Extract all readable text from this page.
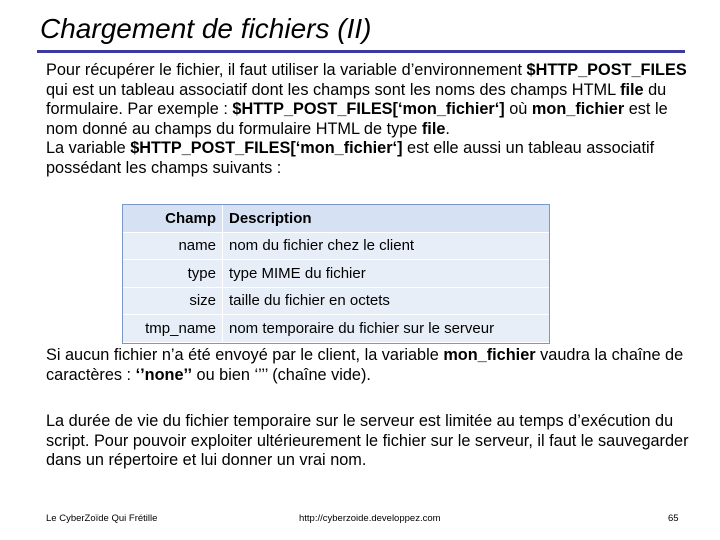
Chargement de fichiers (II)
Pour récupérer le fichier, il faut utiliser la variable d’environnement $HTTP_POST_FILES qui est un tableau associatif dont les champs sont les noms des champs HTML file du formulaire. Par exemple : $HTTP_POST_FILES[‘mon_fichier‘] où mon_fichier est le nom donné au champs du formulaire HTML de type file.
La variable $HTTP_POST_FILES[‘mon_fichier‘] est elle aussi un tableau associatif possédant les champs suivants :
Champ	Description
name	nom du fichier chez le client
type	type MIME du fichier
size	taille du fichier en octets
tmp_name	nom temporaire du fichier sur le serveur
Si aucun fichier n’a été envoyé par le client, la variable mon_fichier vaudra la chaîne de caractères : ‘’none’’ ou bien ‘’’’ (chaîne vide).
La durée de vie du fichier temporaire sur le serveur est limitée au temps d’exécution du script. Pour pouvoir exploiter ultérieurement le fichier sur le serveur, il faut le sauvegarder dans un répertoire et lui donner un vrai nom.
Le CyberZoïde Qui Frétille	http://cyberzoide.developpez.com	65
